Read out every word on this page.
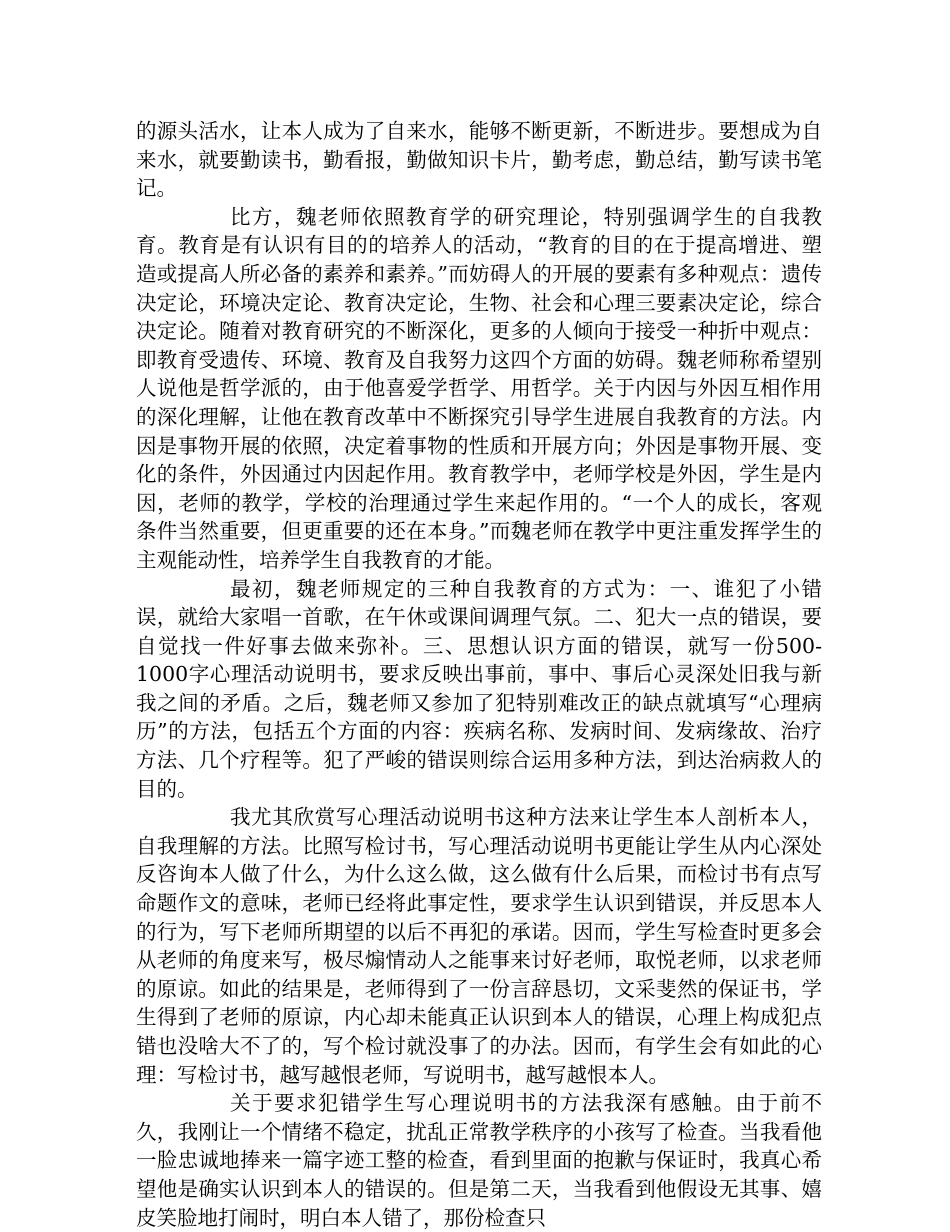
的源头活水，让本人成为了自来水，能够不断更新，不断进步。要想成为自来水，就要勤读书，勤看报，勤做知识卡片，勤考虑，勤总结，勤写读书笔记。

比方，魏老师依照教育学的研究理论，特别强调学生的自我教育。教育是有认识有目的的培养人的活动，“教育的目的在于提高增进、塑造或提高人所必备的素养和素养。”而妨碍人的开展的要素有多种观点：遗传决定论，环境决定论、教育决定论，生物、社会和心理三要素决定论，综合决定论。随着对教育研究的不断深化，更多的人倾向于接受一种折中观点：即教育受遗传、环境、教育及自我努力这四个方面的妨碍。魏老师称希望别人说他是哲学派的，由于他喜爱学哲学、用哲学。关于内因与外因互相作用的深化理解，让他在教育改革中不断探究引导学生进展自我教育的方法。内因是事物开展的依照，决定着事物的性质和开展方向；外因是事物开展、变化的条件，外因通过内因起作用。教育教学中，老师学校是外因，学生是内因，老师的教学，学校的治理通过学生来起作用的。“一个人的成长，客观条件当然重要，但更重要的还在本身。”而魏老师在教学中更注重发挥学生的主观能动性，培养学生自我教育的才能。

最初，魏老师规定的三种自我教育的方式为：一、谁犯了小错误，就给大家唱一首歌，在午休或课间调理气氛。二、犯大一点的错误，要自觉找一件好事去做来弥补。三、思想认识方面的错误，就写一份500-1000字心理活动说明书，要求反映出事前，事中、事后心灵深处旧我与新我之间的矛盾。之后，魏老师又参加了犯特别难改正的缺点就填写“心理病历”的方法，包括五个方面的内容：疾病名称、发病时间、发病缘故、治疗方法、几个疗程等。犯了严峻的错误则综合运用多种方法，到达治病救人的目的。

我尤其欣赏写心理活动说明书这种方法来让学生本人剖析本人，自我理解的方法。比照写检讨书，写心理活动说明书更能让学生从内心深处反咨询本人做了什么，为什么这么做，这么做有什么后果，而检讨书有点写命题作文的意味，老师已经将此事定性，要求学生认识到错误，并反思本人的行为，写下老师所期望的以后不再犯的承诺。因而，学生写检查时更多会从老师的角度来写，极尽煽情动人之能事来讨好老师，取悦老师，以求老师的原谅。如此的结果是，老师得到了一份言辞恳切，文采斐然的保证书，学生得到了老师的原谅，内心却未能真正认识到本人的错误，心理上构成犯点错也没啥大不了的，写个检讨就没事了的办法。因而，有学生会有如此的心理：写检讨书，越写越恨老师，写说明书，越写越恨本人。

关于要求犯错学生写心理说明书的方法我深有感触。由于前不久，我刚让一个情绪不稳定，扰乱正常教学秩序的小孩写了检查。当我看他一脸忠诚地捧来一篇字迹工整的检查，看到里面的抱歉与保证时，我真心希望他是确实认识到本人的错误的。但是第二天，当我看到他假设无其事、嬉皮笑脸地打闹时，明白本人错了，那份检查只
